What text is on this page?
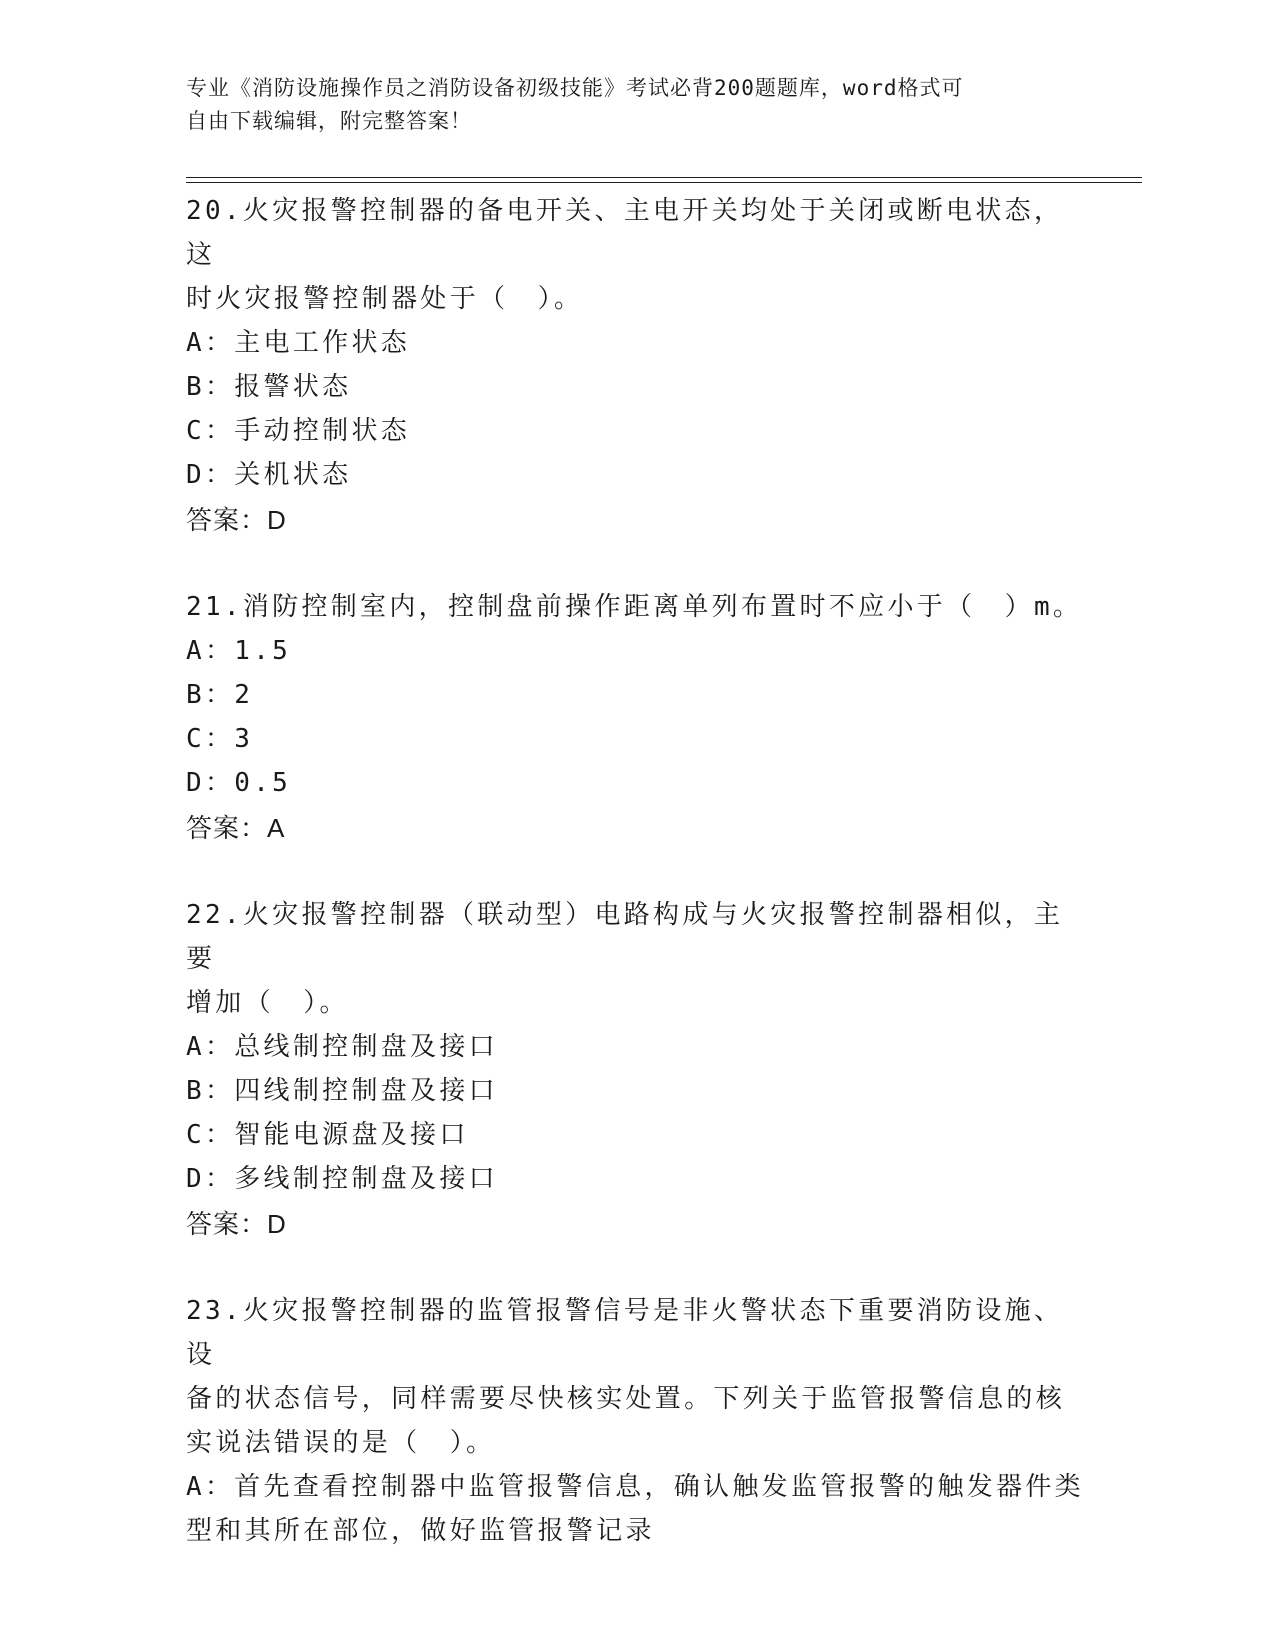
专业《消防设施操作员之消防设备初级技能》考试必背200题题库，word格式可
自由下载编辑，附完整答案！

20.火灾报警控制器的备电开关、主电开关均处于关闭或断电状态，这

时火灾报警控制器处于（　）。

A：主电工作状态

B：报警状态

C：手动控制状态

D：关机状态

答案：D

21.消防控制室内，控制盘前操作距离单列布置时不应小于（　）m。

A：1.5

B：2

C：3

D：0.5

答案：A

22.火灾报警控制器（联动型）电路构成与火灾报警控制器相似，主要

增加（　）。

A：总线制控制盘及接口

B：四线制控制盘及接口

C：智能电源盘及接口

D：多线制控制盘及接口

答案：D

23.火灾报警控制器的监管报警信号是非火警状态下重要消防设施、设

备的状态信号，同样需要尽快核实处置。下列关于监管报警信息的核

实说法错误的是（　）。

A：首先查看控制器中监管报警信息，确认触发监管报警的触发器件类

型和其所在部位，做好监管报警记录
